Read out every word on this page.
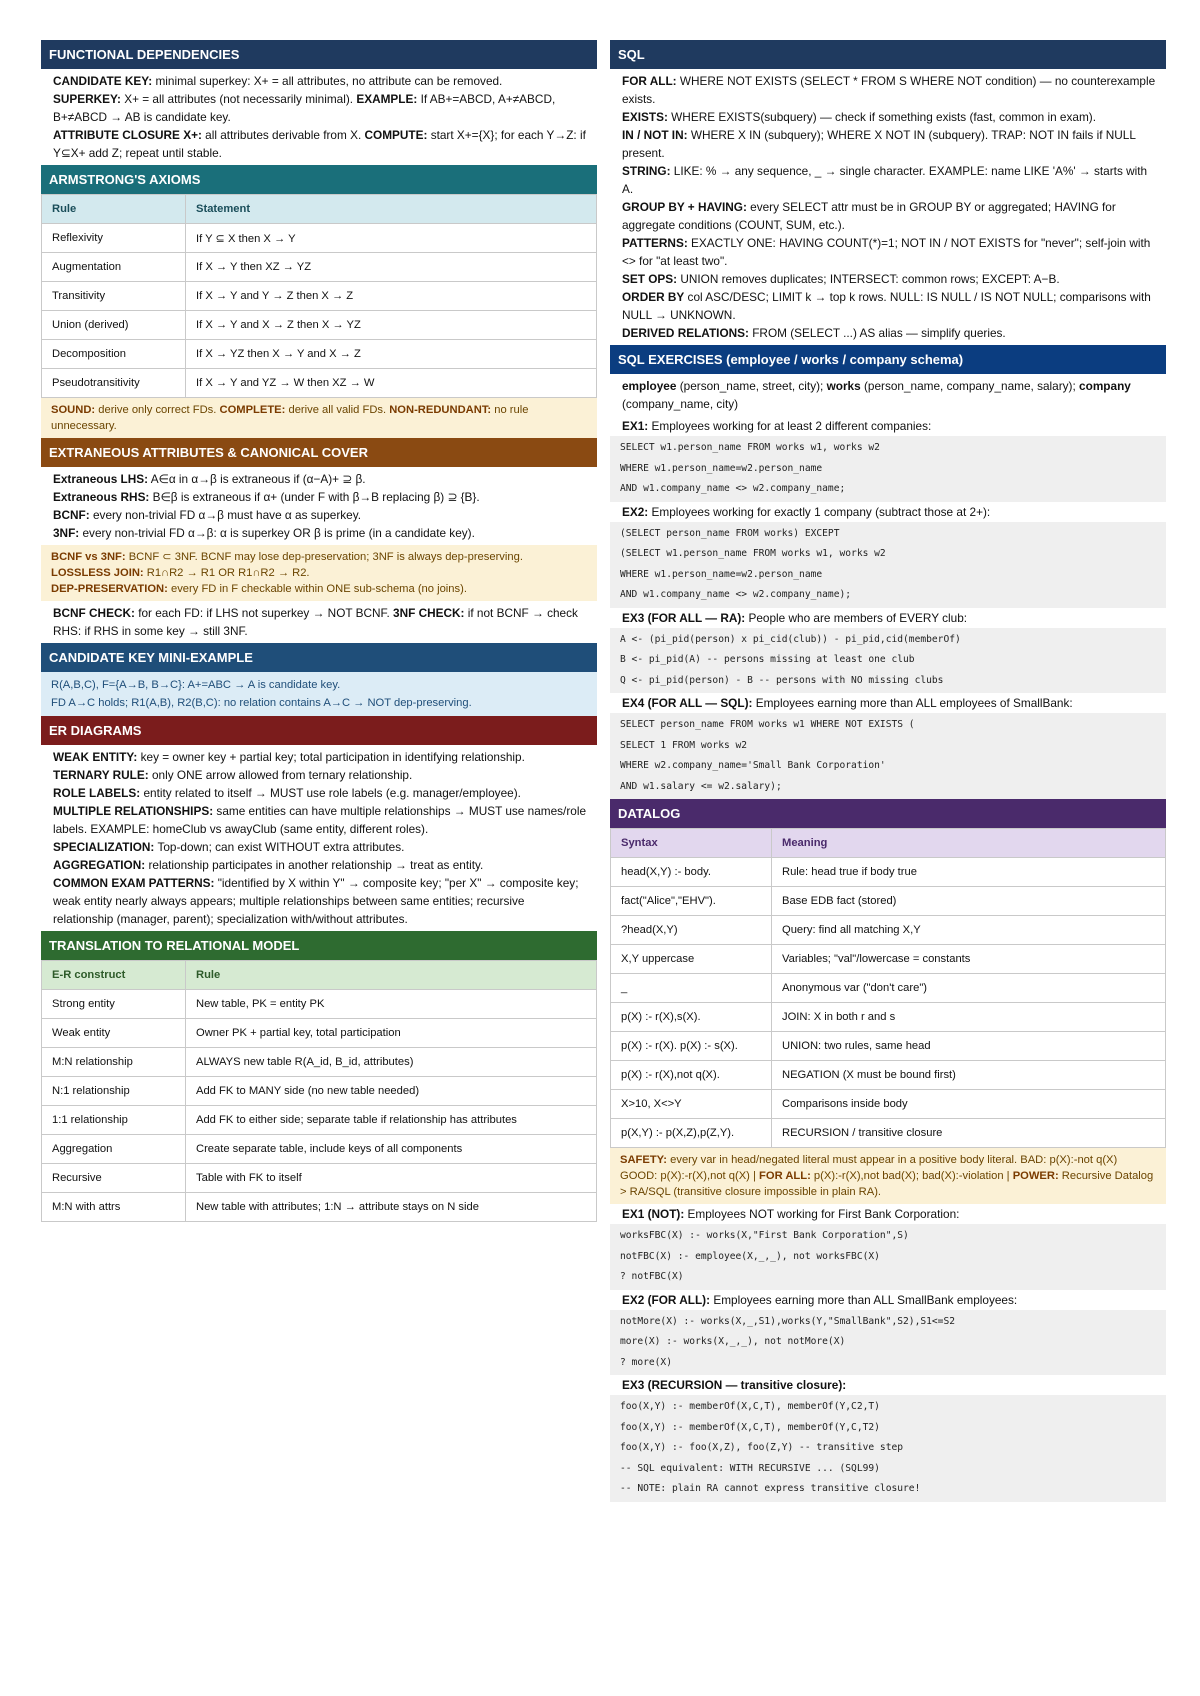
FUNCTIONAL DEPENDENCIES

CANDIDATE KEY: minimal superkey: X+ = all attributes, no attribute can be removed.

SUPERKEY: X+ = all attributes (not necessarily minimal). EXAMPLE: If AB+=ABCD, A+≠ABCD, B+≠ABCD → AB is candidate key.

ATTRIBUTE CLOSURE X+: all attributes derivable from X. COMPUTE: start X+={X}; for each Y→Z: if Y⊆X+ add Z; repeat until stable.

ARMSTRONG'S AXIOMS
Rule	Statement
Reflexivity	If Y ⊆ X then X → Y
Augmentation	If X → Y then XZ → YZ
Transitivity	If X → Y and Y → Z then X → Z
Union (derived)	If X → Y and X → Z then X → YZ
Decomposition	If X → YZ then X → Y and X → Z
Pseudotransitivity	If X → Y and YZ → W then XZ → W
SOUND: derive only correct FDs. COMPLETE: derive all valid FDs. NON-REDUNDANT: no rule unnecessary.
EXTRANEOUS ATTRIBUTES & CANONICAL COVER

Extraneous LHS: A∈α in α→β is extraneous if (α−A)+ ⊇ β.

Extraneous RHS: B∈β is extraneous if α+ (under F with β→B replacing β) ⊇ {B}.

BCNF: every non-trivial FD α→β must have α as superkey.

3NF: every non-trivial FD α→β: α is superkey OR β is prime (in a candidate key).

BCNF vs 3NF: BCNF ⊂ 3NF. BCNF may lose dep-preservation; 3NF is always dep-preserving.
LOSSLESS JOIN: R1∩R2 → R1 OR R1∩R2 → R2.
DEP-PRESERVATION: every FD in F checkable within ONE sub-schema (no joins).

BCNF CHECK: for each FD: if LHS not superkey → NOT BCNF. 3NF CHECK: if not BCNF → check RHS: if RHS in some key → still 3NF.

CANDIDATE KEY MINI-EXAMPLE
R(A,B,C), F={A→B, B→C}: A+=ABC → A is candidate key.
FD A→C holds; R1(A,B), R2(B,C): no relation contains A→C → NOT dep-preserving.
ER DIAGRAMS

WEAK ENTITY: key = owner key + partial key; total participation in identifying relationship.

TERNARY RULE: only ONE arrow allowed from ternary relationship.

ROLE LABELS: entity related to itself → MUST use role labels (e.g. manager/employee).

MULTIPLE RELATIONSHIPS: same entities can have multiple relationships → MUST use names/role labels. EXAMPLE: homeClub vs awayClub (same entity, different roles).

SPECIALIZATION: Top-down; can exist WITHOUT extra attributes.

AGGREGATION: relationship participates in another relationship → treat as entity.

COMMON EXAM PATTERNS: "identified by X within Y" → composite key; "per X" → composite key; weak entity nearly always appears; multiple relationships between same entities; recursive relationship (manager, parent); specialization with/without attributes.

TRANSLATION TO RELATIONAL MODEL
E-R construct	Rule
Strong entity	New table, PK = entity PK
Weak entity	Owner PK + partial key, total participation
M:N relationship	ALWAYS new table R(A_id, B_id, attributes)
N:1 relationship	Add FK to MANY side (no new table needed)
1:1 relationship	Add FK to either side; separate table if relationship has attributes
Aggregation	Create separate table, include keys of all components
Recursive	Table with FK to itself
M:N with attrs	New table with attributes; 1:N → attribute stays on N side
SQL

FOR ALL: WHERE NOT EXISTS (SELECT * FROM S WHERE NOT condition) — no counterexample exists.

EXISTS: WHERE EXISTS(subquery) — check if something exists (fast, common in exam).

IN / NOT IN: WHERE X IN (subquery); WHERE X NOT IN (subquery). TRAP: NOT IN fails if NULL present.

STRING: LIKE: % → any sequence, _ → single character. EXAMPLE: name LIKE 'A%' → starts with A.

GROUP BY + HAVING: every SELECT attr must be in GROUP BY or aggregated; HAVING for aggregate conditions (COUNT, SUM, etc.).

PATTERNS: EXACTLY ONE: HAVING COUNT(*)=1; NOT IN / NOT EXISTS for "never"; self-join with <> for "at least two".

SET OPS: UNION removes duplicates; INTERSECT: common rows; EXCEPT: A−B.

ORDER BY col ASC/DESC; LIMIT k → top k rows. NULL: IS NULL / IS NOT NULL; comparisons with NULL → UNKNOWN.

DERIVED RELATIONS: FROM (SELECT ...) AS alias — simplify queries.

SQL EXERCISES (employee / works / company schema)

employee (person_name, street, city); works (person_name, company_name, salary); company (company_name, city)

EX1: Employees working for at least 2 different companies:
SELECT w1.person_name FROM works w1, works w2
WHERE w1.person_name=w2.person_name
AND w1.company_name <> w2.company_name;
EX2: Employees working for exactly 1 company (subtract those at 2+):
(SELECT person_name FROM works) EXCEPT
(SELECT w1.person_name FROM works w1, works w2
WHERE w1.person_name=w2.person_name
AND w1.company_name <> w2.company_name);
EX3 (FOR ALL — RA): People who are members of EVERY club:
A <- (pi_pid(person) x pi_cid(club)) - pi_pid,cid(memberOf)
B <- pi_pid(A) -- persons missing at least one club
Q <- pi_pid(person) - B -- persons with NO missing clubs
EX4 (FOR ALL — SQL): Employees earning more than ALL employees of SmallBank:
SELECT person_name FROM works w1 WHERE NOT EXISTS (
SELECT 1 FROM works w2
WHERE w2.company_name='Small Bank Corporation'
AND w1.salary <= w2.salary);
DATALOG
Syntax	Meaning
head(X,Y) :- body.	Rule: head true if body true
fact("Alice","EHV").	Base EDB fact (stored)
?head(X,Y)	Query: find all matching X,Y
X,Y uppercase	Variables; "val"/lowercase = constants
_	Anonymous var ("don't care")
p(X) :- r(X),s(X).	JOIN: X in both r and s
p(X) :- r(X). p(X) :- s(X).	UNION: two rules, same head
p(X) :- r(X),not q(X).	NEGATION (X must be bound first)
X>10, X<>Y	Comparisons inside body
p(X,Y) :- p(X,Z),p(Z,Y).	RECURSION / transitive closure
SAFETY: every var in head/negated literal must appear in a positive body literal. BAD: p(X):-not q(X) GOOD: p(X):-r(X),not q(X) | FOR ALL: p(X):-r(X),not bad(X); bad(X):-violation | POWER: Recursive Datalog > RA/SQL (transitive closure impossible in plain RA).
EX1 (NOT): Employees NOT working for First Bank Corporation:
worksFBC(X) :- works(X,"First Bank Corporation",S)
notFBC(X) :- employee(X,_,_), not worksFBC(X)
? notFBC(X)
EX2 (FOR ALL): Employees earning more than ALL SmallBank employees:
notMore(X) :- works(X,_,S1),works(Y,"SmallBank",S2),S1<=S2
more(X) :- works(X,_,_), not notMore(X)
? more(X)
EX3 (RECURSION — transitive closure):
foo(X,Y) :- memberOf(X,C,T), memberOf(Y,C2,T)
foo(X,Y) :- memberOf(X,C,T), memberOf(Y,C,T2)
foo(X,Y) :- foo(X,Z), foo(Z,Y) -- transitive step
-- SQL equivalent: WITH RECURSIVE ... (SQL99)
-- NOTE: plain RA cannot express transitive closure!
